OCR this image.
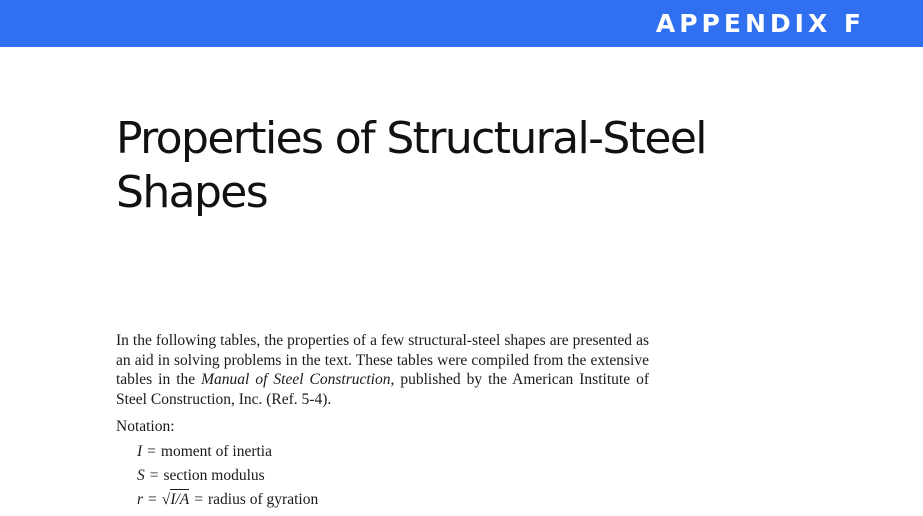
APPENDIX F
Properties of Structural-Steel
Shapes

In the following tables, the properties of a few structural-steel shapes are presented as an aid in solving problems in the text. These tables were compiled from the extensive tables in the Manual of Steel Construction, published by the American Institute of Steel Construction, Inc. (Ref. 5-4).

Notation:

I = moment of inertia
S = section modulus
r = √I/A = radius of gyration
